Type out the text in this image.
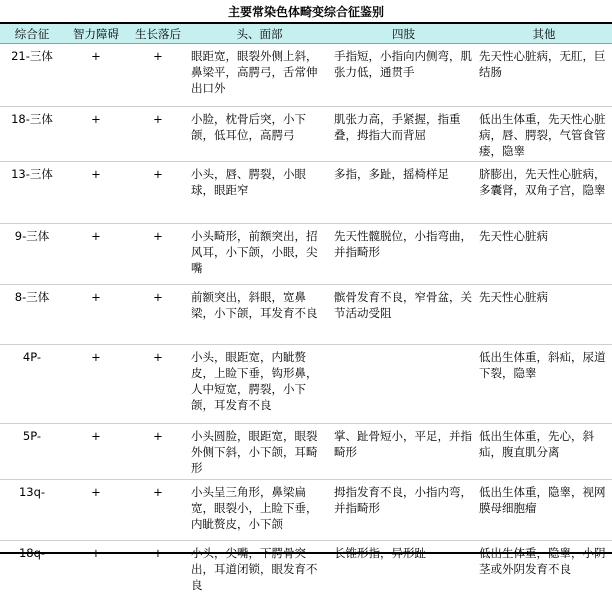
主要常染色体畸变综合征鉴别
综合征	智力障碍	生长落后	头、面部	四肢	其他
21-三体	+	+	眼距宽，眼裂外侧上斜，鼻梁平，高腭弓，舌常伸出口外	手指短，小指向内侧弯，肌张力低，通贯手	先天性心脏病，无肛，巨结肠
18-三体	+	+	小脸，枕骨后突，小下颌，低耳位，高腭弓	肌张力高，手紧握，指重叠，拇指大而背屈	低出生体重，先天性心脏病，唇、腭裂，气管食管瘘，隐睾
13-三体	+	+	小头，唇、腭裂，小眼球，眼距窄	多指，多趾，摇椅样足	脐膨出，先天性心脏病，多囊肾，双角子宫，隐睾
9-三体	+	+	小头畸形，前额突出，招风耳，小下颌，小眼，尖嘴	先天性髋脱位，小指弯曲，并指畸形	先天性心脏病
8-三体	+	+	前额突出，斜眼，宽鼻梁，小下颌，耳发育不良	髌骨发育不良，窄骨盆，关节活动受阻	先天性心脏病
4P-	+	+	小头，眼距宽，内眦赘皮，上睑下垂，钩形鼻，人中短宽，腭裂，小下颌，耳发育不良		低出生体重，斜疝，尿道下裂，隐睾
5P-	+	+	小头圆脸，眼距宽，眼裂外侧下斜，小下颌，耳畸形	掌、趾骨短小，平足，并指畸形	低出生体重，先心，斜疝，腹直肌分离
13q-	+	+	小头呈三角形，鼻梁扁宽，眼裂小，上睑下垂，内眦赘皮，小下颌	拇指发育不良，小指内弯，并指畸形	低出生体重，隐睾，视网膜母细胞瘤
18q-	+	+	小头，尖嘴，下腭骨突出，耳道闭锁，眼发育不良	长锥形指，异形趾	低出生体重，隐睾，小阴茎或外阴发育不良
